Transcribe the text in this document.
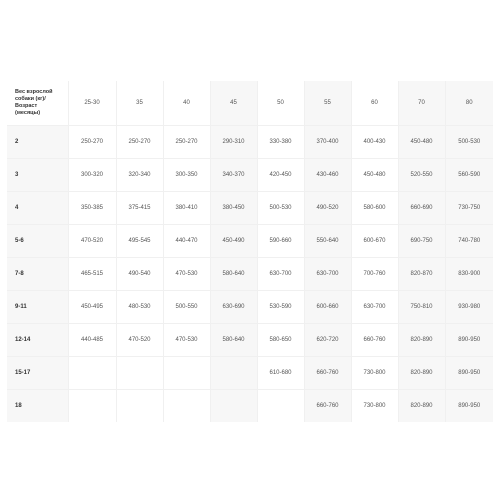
Вес взрослой собаки (кг)/ Возраст (месяцы)	25-30	35	40	45	50	55	60	70	80
2	250-270	250-270	250-270	290-310	330-380	370-400	400-430	450-480	500-530
3	300-320	320-340	300-350	340-370	420-450	430-460	450-480	520-550	560-590
4	350-385	375-415	380-410	380-450	500-530	490-520	580-600	660-690	730-750
5-6	470-520	495-545	440-470	450-490	590-660	550-640	600-670	690-750	740-780
7-8	465-515	490-540	470-530	580-640	630-700	630-700	700-760	820-870	830-900
9-11	450-495	480-530	500-550	630-690	530-590	600-660	630-700	750-810	930-980
12-14	440-485	470-520	470-530	580-640	580-650	620-720	660-760	820-890	890-950
15-17					610-680	660-760	730-800	820-890	890-950
18						660-760	730-800	820-890	890-950
